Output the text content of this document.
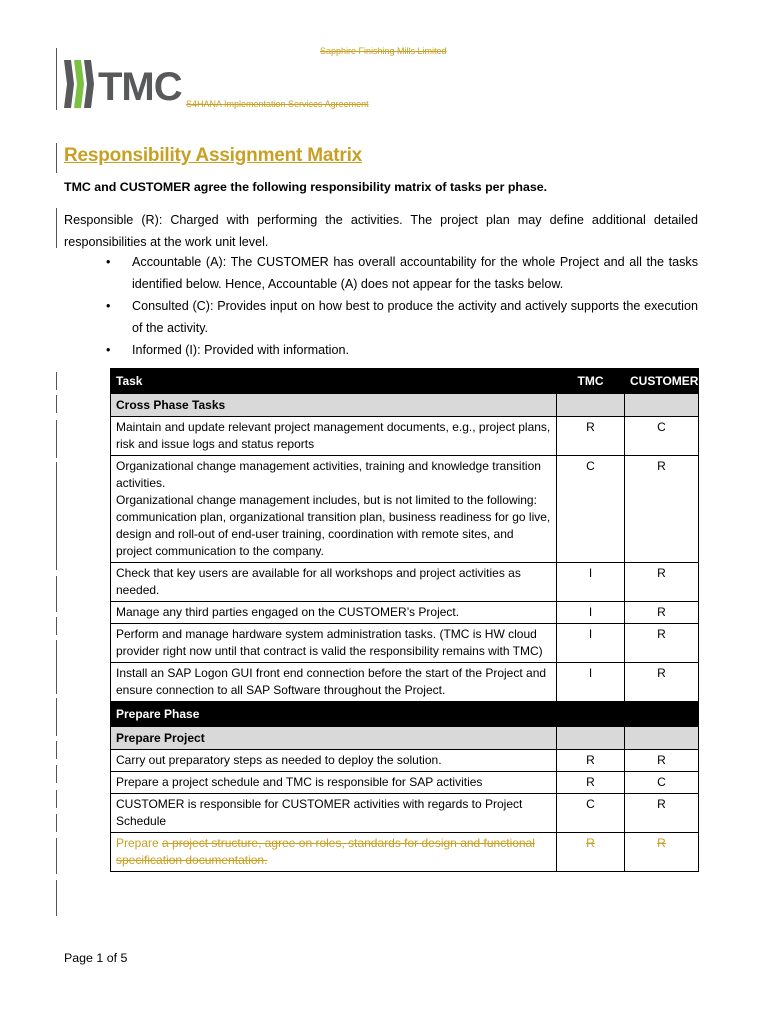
TMC
Sapphire Finishing Mills Limited
S4HANA Implementation Services Agreement
Responsibility Assignment Matrix
TMC and CUSTOMER agree the following responsibility matrix of tasks per phase.
Responsible (R): Charged with performing the activities. The project plan may define additional detailed responsibilities at the work unit level.
• Accountable (A): The CUSTOMER has overall accountability for the whole Project and all the tasks identified below. Hence, Accountable (A) does not appear for the tasks below.
• Consulted (C): Provides input on how best to produce the activity and actively supports the execution of the activity.
• Informed (I): Provided with information.
Task	TMC	CUSTOMER
Cross Phase Tasks		
Maintain and update relevant project management documents, e.g., project plans, risk and issue logs and status reports	R	C

Organizational change management activities, training and knowledge transition activities.
Organizational change management includes, but is not limited to the following: communication plan, organizational transition plan, business readiness for go live, design and roll-out of end-user training, coordination with remote sites, and project communication to the company.	C	R
Check that key users are available for all workshops and project activities as needed.	I	R
Manage any third parties engaged on the CUSTOMER’s Project.	I	R
Perform and manage hardware system administration tasks. (TMC is HW cloud provider right now until that contract is valid the responsibility remains with TMC)	I	R
Install an SAP Logon GUI front end connection before the start of the Project and ensure connection to all SAP Software throughout the Project.	I	R
Prepare Phase		
Prepare Project		
Carry out preparatory steps as needed to deploy the solution.	R	R
Prepare a project schedule and TMC is responsible for SAP activities	R	C
CUSTOMER is responsible for CUSTOMER activities with regards to Project Schedule	C	R
Prepare a project structure, agree on roles, standards for design and functional specification documentation.	R	R
Page 1 of 5
